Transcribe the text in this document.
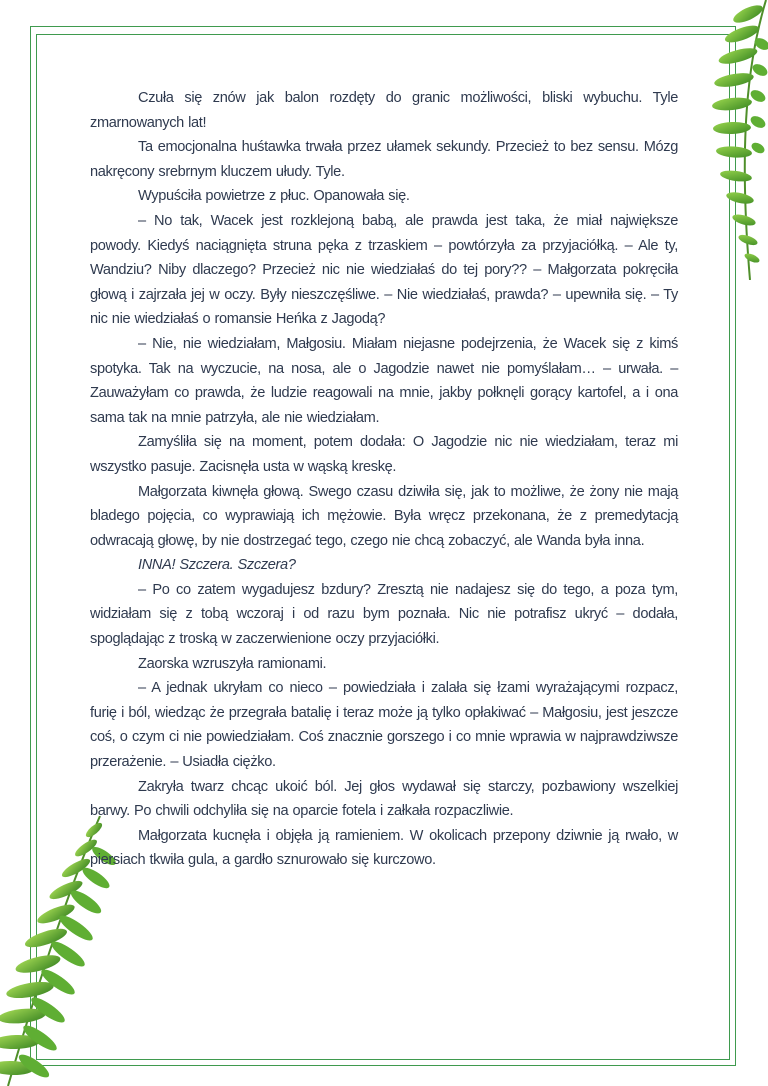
Czuła się znów jak balon rozdęty do granic możliwości, bliski wybuchu. Tyle zmarnowanych lat!

Ta emocjonalna huśtawka trwała przez ułamek sekundy. Przecież to bez sensu. Mózg nakręcony srebrnym kluczem ułudy. Tyle.

Wypuściła powietrze z płuc. Opanowała się.

– No tak, Wacek jest rozklejoną babą, ale prawda jest taka, że miał największe powody. Kiedyś naciągnięta struna pęka z trzaskiem – powtórzyła za przyjaciółką. – Ale ty, Wandziu? Niby dlaczego? Przecież nic nie wiedziałaś do tej pory?? – Małgorzata pokręciła głową i zajrzała jej w oczy. Były nieszczęśliwe. – Nie wiedziałaś, prawda? – upewniła się. – Ty nic nie wiedziałaś o romansie Heńka z Jagodą?

– Nie, nie wiedziałam, Małgosiu. Miałam niejasne podejrzenia, że Wacek się z kimś spotyka. Tak na wyczucie, na nosa, ale o Jagodzie nawet nie pomyślałam… – urwała. – Zauważyłam co prawda, że ludzie reagowali na mnie, jakby połknęli gorący kartofel, a i ona sama tak na mnie patrzyła, ale nie wiedziałam.

Zamyśliła się na moment, potem dodała: O Jagodzie nic nie wiedziałam, teraz mi wszystko pasuje. Zacisnęła usta w wąską kreskę.

Małgorzata kiwnęła głową. Swego czasu dziwiła się, jak to możliwe, że żony nie mają bladego pojęcia, co wyprawiają ich mężowie. Była wręcz przekonana, że z premedytacją odwracają głowę, by nie dostrzegać tego, czego nie chcą zobaczyć, ale Wanda była inna.

INNA! Szczera. Szczera?

– Po co zatem wygadujesz bzdury? Zresztą nie nadajesz się do tego, a poza tym, widziałam się z tobą wczoraj i od razu bym poznała. Nic nie potrafisz ukryć – dodała, spoglądając z troską w zaczerwienione oczy przyjaciółki.

Zaorska wzruszyła ramionami.

– A jednak ukryłam co nieco – powiedziała i zalała się łzami wyrażającymi rozpacz, furię i ból, wiedząc że przegrała batalię i teraz może ją tylko opłakiwać – Małgosiu, jest jeszcze coś, o czym ci nie powiedziałam. Coś znacznie gorszego i co mnie wprawia w najprawdziwsze przerażenie. – Usiadła ciężko.

Zakryła twarz chcąc ukoić ból. Jej głos wydawał się starczy, pozbawiony wszelkiej barwy. Po chwili odchyliła się na oparcie fotela i załkała rozpaczliwie.

Małgorzata kucnęła i objęła ją ramieniem. W okolicach przepony dziwnie ją rwało, w piersiach tkwiła gula, a gardło sznurowało się kurczowo.
